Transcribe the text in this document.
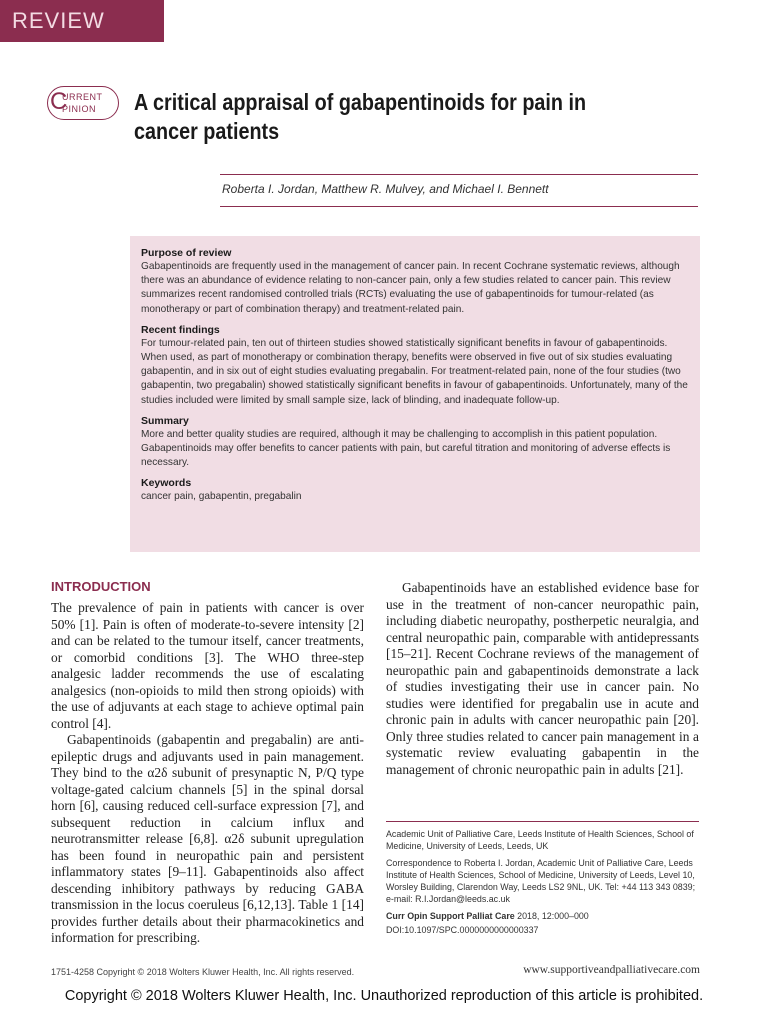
REVIEW
C
URRENT
PINION A critical appraisal of gabapentinoids for pain in cancer patients
Roberta I. Jordan, Matthew R. Mulvey, and Michael I. Bennett
Purpose of review

Gabapentinoids are frequently used in the management of cancer pain. In recent Cochrane systematic reviews, although there was an abundance of evidence relating to non-cancer pain, only a few studies related to cancer pain. This review summarizes recent randomised controlled trials (RCTs) evaluating the use of gabapentinoids for tumour-related (as monotherapy or part of combination therapy) and treatment-related pain.

Recent findings

For tumour-related pain, ten out of thirteen studies showed statistically significant benefits in favour of gabapentinoids. When used, as part of monotherapy or combination therapy, benefits were observed in five out of six studies evaluating gabapentin, and in six out of eight studies evaluating pregabalin. For treatment-related pain, none of the four studies (two gabapentin, two pregabalin) showed statistically significant benefits in favour of gabapentinoids. Unfortunately, many of the studies included were limited by small sample size, lack of blinding, and inadequate follow-up.

Summary

More and better quality studies are required, although it may be challenging to accomplish in this patient population. Gabapentinoids may offer benefits to cancer patients with pain, but careful titration and monitoring of adverse effects is necessary.

Keywords

cancer pain, gabapentin, pregabalin

INTRODUCTION

The prevalence of pain in patients with cancer is over 50% [1]. Pain is often of moderate-to-severe intensity [2] and can be related to the tumour itself, cancer treatments, or comorbid conditions [3]. The WHO three-step analgesic ladder recommends the use of escalating analgesics (non-opioids to mild then strong opioids) with the use of adjuvants at each stage to achieve optimal pain control [4].

Gabapentinoids (gabapentin and pregabalin) are anti-epileptic drugs and adjuvants used in pain management. They bind to the α2δ subunit of presynaptic N, P/Q type voltage-gated calcium channels [5] in the spinal dorsal horn [6], causing reduced cell-surface expression [7], and subsequent reduction in calcium influx and neurotransmitter release [6,8]. α2δ subunit upregulation has been found in neuropathic pain and persistent inflammatory states [9–11]. Gabapentinoids also affect descending inhibitory pathways by reducing GABA transmission in the locus coeruleus [6,12,13]. Table 1 [14] provides further details about their pharmacokinetics and information for prescribing.

Gabapentinoids have an established evidence base for use in the treatment of non-cancer neuropathic pain, including diabetic neuropathy, postherpetic neuralgia, and central neuropathic pain, comparable with antidepressants [15–21]. Recent Cochrane reviews of the management of neuropathic pain and gabapentinoids demonstrate a lack of studies investigating their use in cancer pain. No studies were identified for pregabalin use in acute and chronic pain in adults with cancer neuropathic pain [20]. Only three studies related to cancer pain management in a systematic review evaluating gabapentin in the management of chronic neuropathic pain in adults [21].

Academic Unit of Palliative Care, Leeds Institute of Health Sciences, School of Medicine, University of Leeds, Leeds, UK

Correspondence to Roberta I. Jordan, Academic Unit of Palliative Care, Leeds Institute of Health Sciences, School of Medicine, University of Leeds, Level 10, Worsley Building, Clarendon Way, Leeds LS2 9NL, UK. Tel: +44 113 343 0839; e-mail: R.I.Jordan@leeds.ac.uk

Curr Opin Support Palliat Care 2018, 12:000–000

DOI:10.1097/SPC.0000000000000337

1751-4258 Copyright © 2018 Wolters Kluwer Health, Inc. All rights reserved.	www.supportiveandpalliativecare.com
Copyright © 2018 Wolters Kluwer Health, Inc. Unauthorized reproduction of this article is prohibited.
